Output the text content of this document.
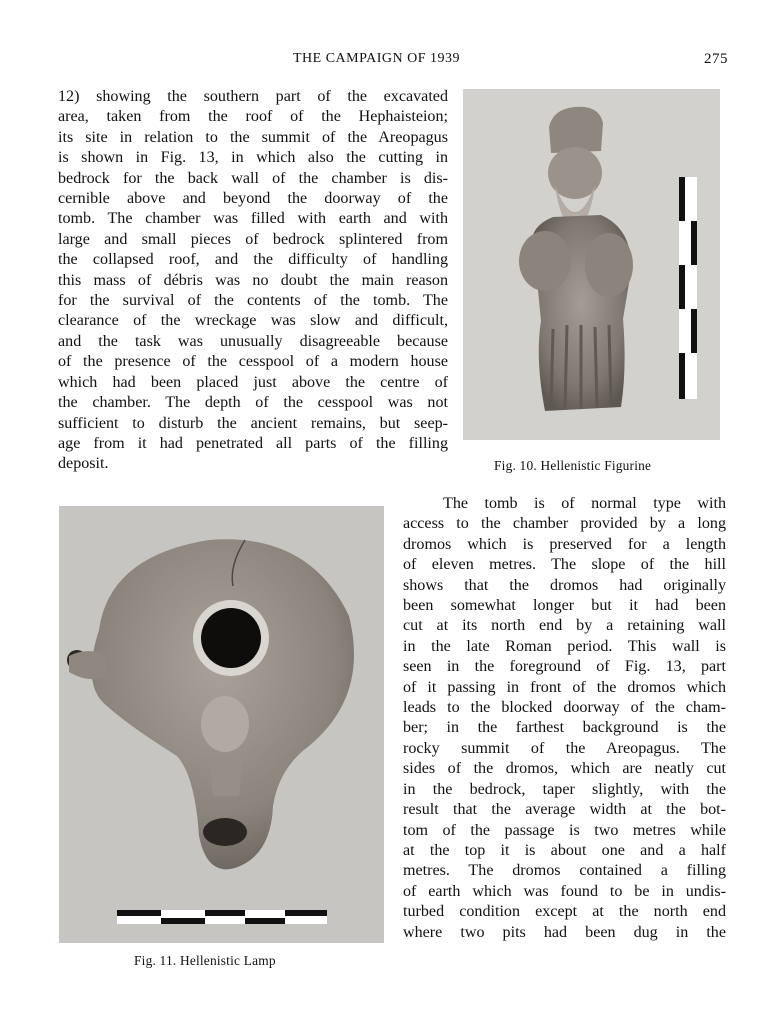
THE CAMPAIGN OF 1939	275

12) showing the southern part of the excavated
area, taken from the roof of the Hephaisteion;
its site in relation to the summit of the Areopagus
is shown in Fig. 13, in which also the cutting in
bedrock for the back wall of the chamber is dis-
cernible above and beyond the doorway of the
tomb. The chamber was filled with earth and with
large and small pieces of bedrock splintered from
the collapsed roof, and the difficulty of handling
this mass of débris was no doubt the main reason
for the survival of the contents of the tomb. The
clearance of the wreckage was slow and difficult,
and the task was unusually disagreeable because
of the presence of the cesspool of a modern house
which had been placed just above the centre of
the chamber. The depth of the cesspool was not
sufficient to disturb the ancient remains, but seep-
age from it had penetrated all parts of the filling
deposit.	Fig. 10. Hellenistic Figurine

The tomb is of normal type with
access to the chamber provided by a long
dromos which is preserved for a length
of eleven metres. The slope of the hill
shows that the dromos had originally
been somewhat longer but it had been
cut at its north end by a retaining wall
in the late Roman period. This wall is
seen in the foreground of Fig. 13, part
of it passing in front of the dromos which
leads to the blocked doorway of the cham-
ber; in the farthest background is the
rocky summit of the Areopagus. The
sides of the dromos, which are neatly cut
in the bedrock, taper slightly, with the
result that the average width at the bot-
tom of the passage is two metres while
at the top it is about one and a half
metres. The dromos contained a filling
of earth which was found to be in undis-
turbed condition except at the north end
where two pits had been dug in the

Fig. 11. Hellenistic Lamp
